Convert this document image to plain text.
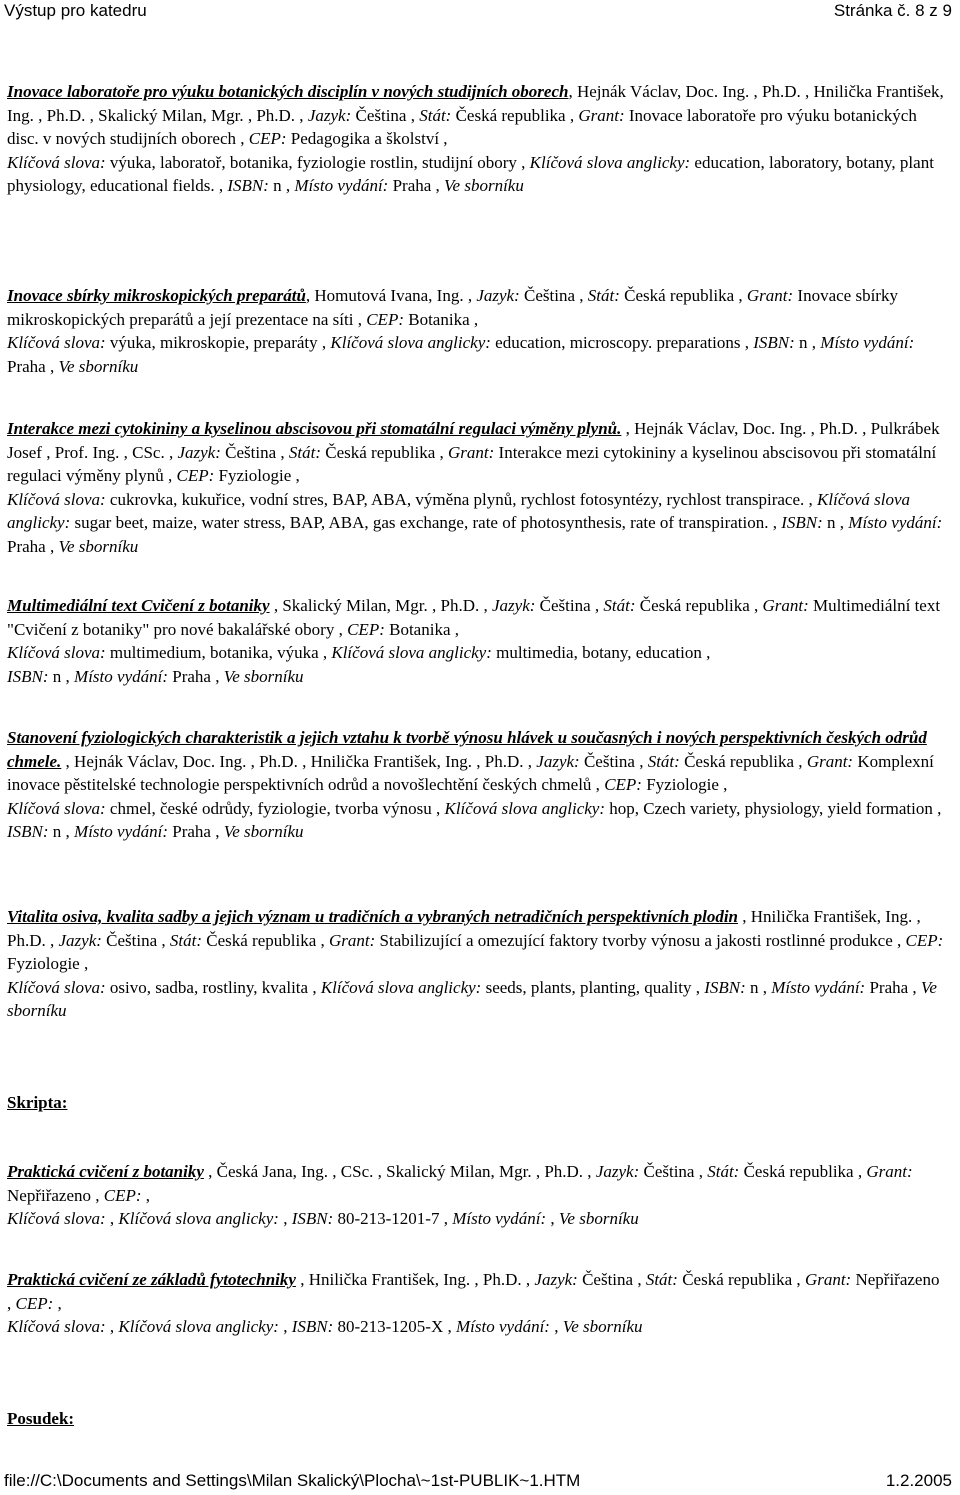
Výstup pro katedru	Stránka č. 8 z 9
Inovace laboratoře pro výuku botanických disciplín v nových studijních oborech, Hejnák Václav, Doc. Ing. , Ph.D. , Hnilička František, Ing. , Ph.D. , Skalický Milan, Mgr. , Ph.D. , Jazyk: Čeština , Stát: Česká republika , Grant: Inovace laboratoře pro výuku botanických disc. v nových studijních oborech , CEP: Pedagogika a školství ,
Klíčová slova: výuka, laboratoř, botanika, fyziologie rostlin, studijní obory , Klíčová slova anglicky: education, laboratory, botany, plant physiology, educational fields. , ISBN: n , Místo vydání: Praha , Ve sborníku
Inovace sbírky mikroskopických preparátů, Homutová Ivana, Ing. , Jazyk: Čeština , Stát: Česká republika , Grant: Inovace sbírky mikroskopických preparátů a její prezentace na síti , CEP: Botanika ,
Klíčová slova: výuka, mikroskopie, preparáty , Klíčová slova anglicky: education, microscopy. preparations , ISBN: n , Místo vydání: Praha , Ve sborníku
Interakce mezi cytokininy a kyselinou abscisovou při stomatální regulaci výměny plynů. , Hejnák Václav, Doc. Ing. , Ph.D. , Pulkrábek Josef , Prof. Ing. , CSc. , Jazyk: Čeština , Stát: Česká republika , Grant: Interakce mezi cytokininy a kyselinou abscisovou při stomatální regulaci výměny plynů , CEP: Fyziologie ,
Klíčová slova: cukrovka, kukuřice, vodní stres, BAP, ABA, výměna plynů, rychlost fotosyntézy, rychlost transpirace. , Klíčová slova anglicky: sugar beet, maize, water stress, BAP, ABA, gas exchange, rate of photosynthesis, rate of transpiration. , ISBN: n , Místo vydání: Praha , Ve sborníku
Multimediální text Cvičení z botaniky , Skalický Milan, Mgr. , Ph.D. , Jazyk: Čeština , Stát: Česká republika , Grant: Multimediální text "Cvičení z botaniky" pro nové bakalářské obory , CEP: Botanika ,
Klíčová slova: multimedium, botanika, výuka , Klíčová slova anglicky: multimedia, botany, education ,
ISBN: n , Místo vydání: Praha , Ve sborníku
Stanovení fyziologických charakteristik a jejich vztahu k tvorbě výnosu hlávek u současných i nových perspektivních českých odrůd chmele. , Hejnák Václav, Doc. Ing. , Ph.D. , Hnilička František, Ing. , Ph.D. , Jazyk: Čeština , Stát: Česká republika , Grant: Komplexní inovace pěstitelské technologie perspektivních odrůd a novošlechtění českých chmelů , CEP: Fyziologie ,
Klíčová slova: chmel, české odrůdy, fyziologie, tvorba výnosu , Klíčová slova anglicky: hop, Czech variety, physiology, yield formation , ISBN: n , Místo vydání: Praha , Ve sborníku
Vitalita osiva, kvalita sadby a jejich význam u tradičních a vybraných netradičních perspektivních plodin , Hnilička František, Ing. , Ph.D. , Jazyk: Čeština , Stát: Česká republika , Grant: Stabilizující a omezující faktory tvorby výnosu a jakosti rostlinné produkce , CEP: Fyziologie ,
Klíčová slova: osivo, sadba, rostliny, kvalita , Klíčová slova anglicky: seeds, plants, planting, quality , ISBN: n , Místo vydání: Praha , Ve sborníku
Skripta:
Praktická cvičení z botaniky , Česká Jana, Ing. , CSc. , Skalický Milan, Mgr. , Ph.D. , Jazyk: Čeština , Stát: Česká republika , Grant: Nepřiřazeno , CEP: ,
Klíčová slova: , Klíčová slova anglicky: , ISBN: 80-213-1201-7 , Místo vydání: , Ve sborníku
Praktická cvičení ze základů fytotechniky , Hnilička František, Ing. , Ph.D. , Jazyk: Čeština , Stát: Česká republika , Grant: Nepřiřazeno , CEP: ,
Klíčová slova: , Klíčová slova anglicky: , ISBN: 80-213-1205-X , Místo vydání: , Ve sborníku
Posudek:
file://C:\Documents and Settings\Milan Skalický\Plocha\~1st-PUBLIK~1.HTM	1.2.2005
